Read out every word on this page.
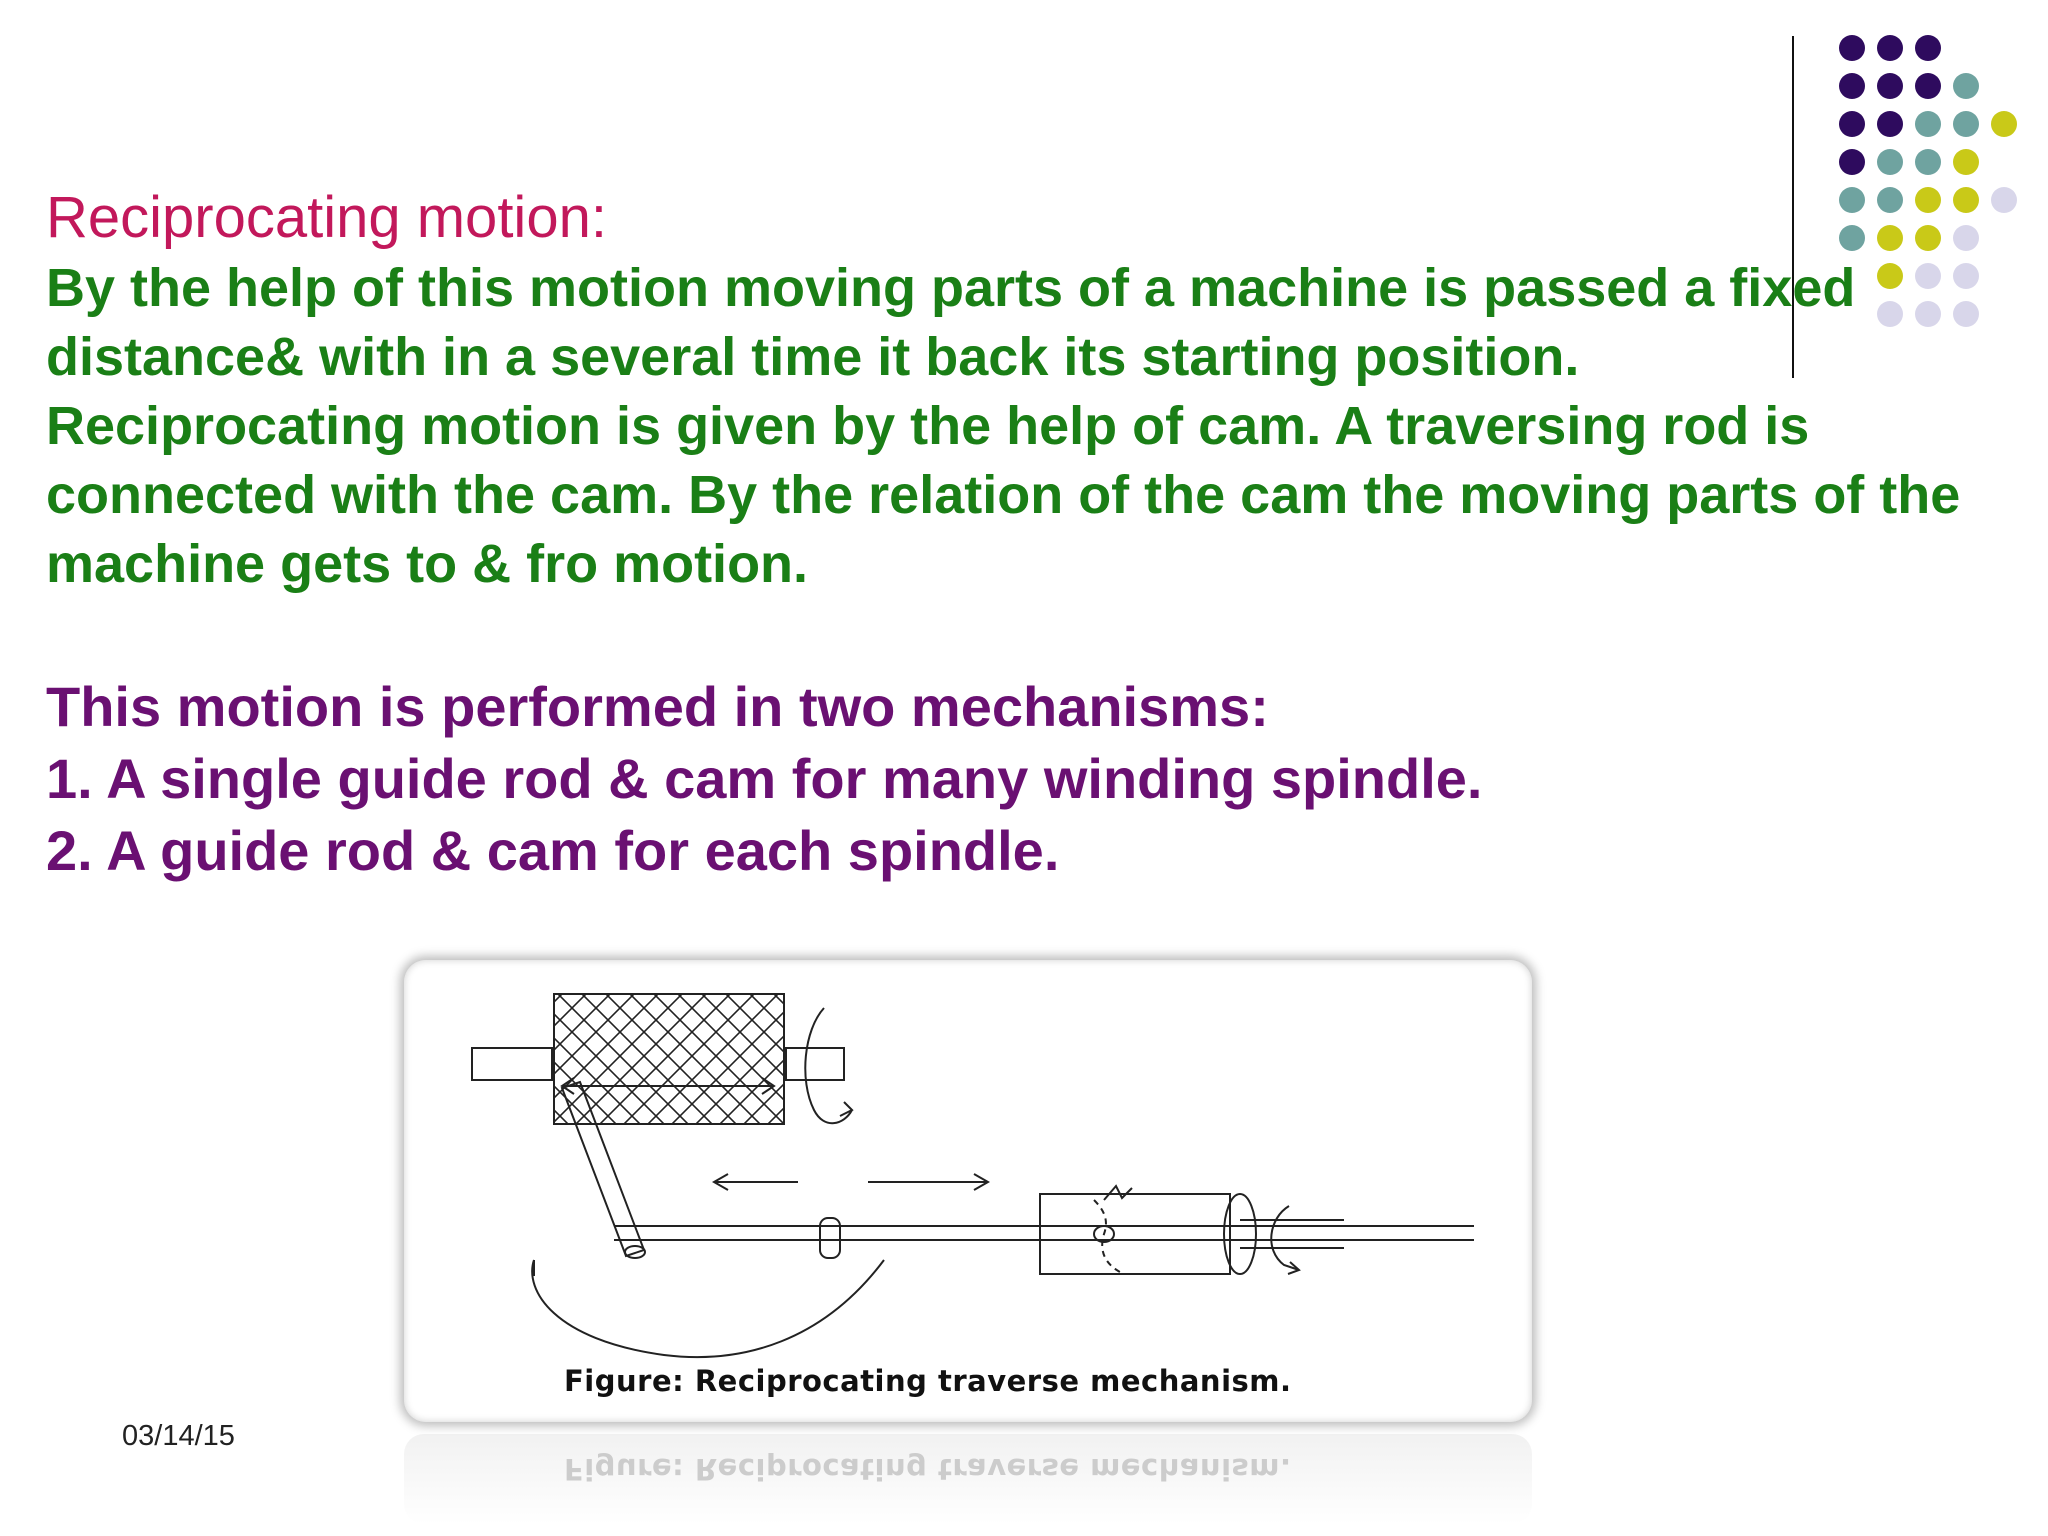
Reciprocating motion:

By the help of this motion moving parts of a machine is passed a fixed distance& with in a several time it back its starting position.

Reciprocating motion is given by the help of cam. A traversing rod is connected with the cam. By the relation of the cam the moving parts of the machine gets to & fro motion.

This motion is performed in two mechanisms:

1. A single guide rod & cam for many winding spindle.

2. A guide rod & cam for each spindle.

Figure: Reciprocating traverse mechanism.
Figure: Reciprocating traverse mechanism.
03/14/15
